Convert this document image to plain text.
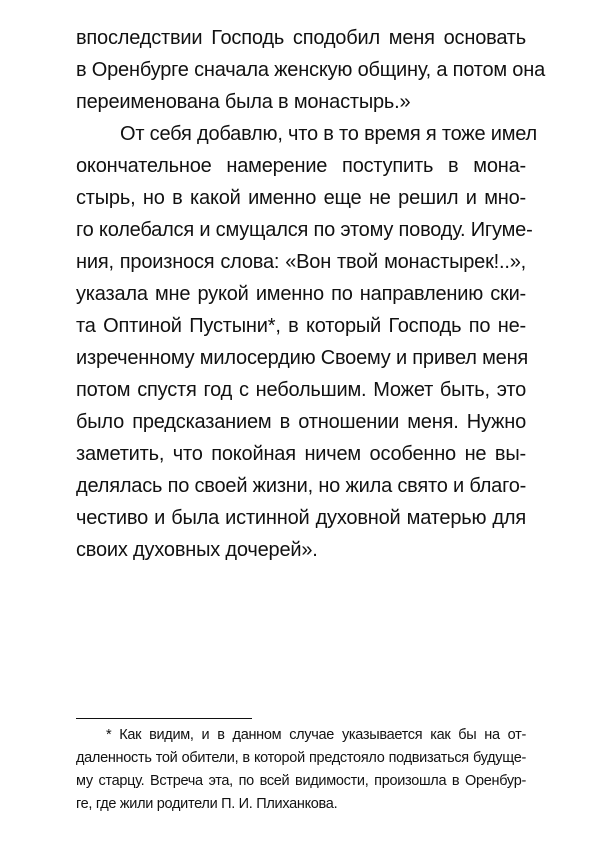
впоследствии Господь сподобил меня основать
в Оренбурге сначала женскую общину, а потом она
переименована была в монастырь.»
От себя добавлю, что в то время я тоже имел
окончательное намерение поступить в мона-
стырь, но в какой именно еще не решил и мно-
го колебался и смущался по этому поводу. Игуме-
ния, произнося слова: «Вон твой монастырек!..»,
указала мне рукой именно по направлению ски-
та Оптиной Пустыни*, в который Господь по не-
изреченному милосердию Своему и привел меня
потом спустя год с небольшим. Может быть, это
было предсказанием в отношении меня. Нужно
заметить, что покойная ничем особенно не вы-
делялась по своей жизни, но жила свято и благо-
честиво и была истинной духовной матерью для
своих духовных дочерей».
* Как видим, и в данном случае указывается как бы на от-
даленность той обители, в которой предстояло подвизаться будуще-
му старцу. Встреча эта, по всей видимости, произошла в Оренбур-
ге, где жили родители П. И. Плиханкова.
